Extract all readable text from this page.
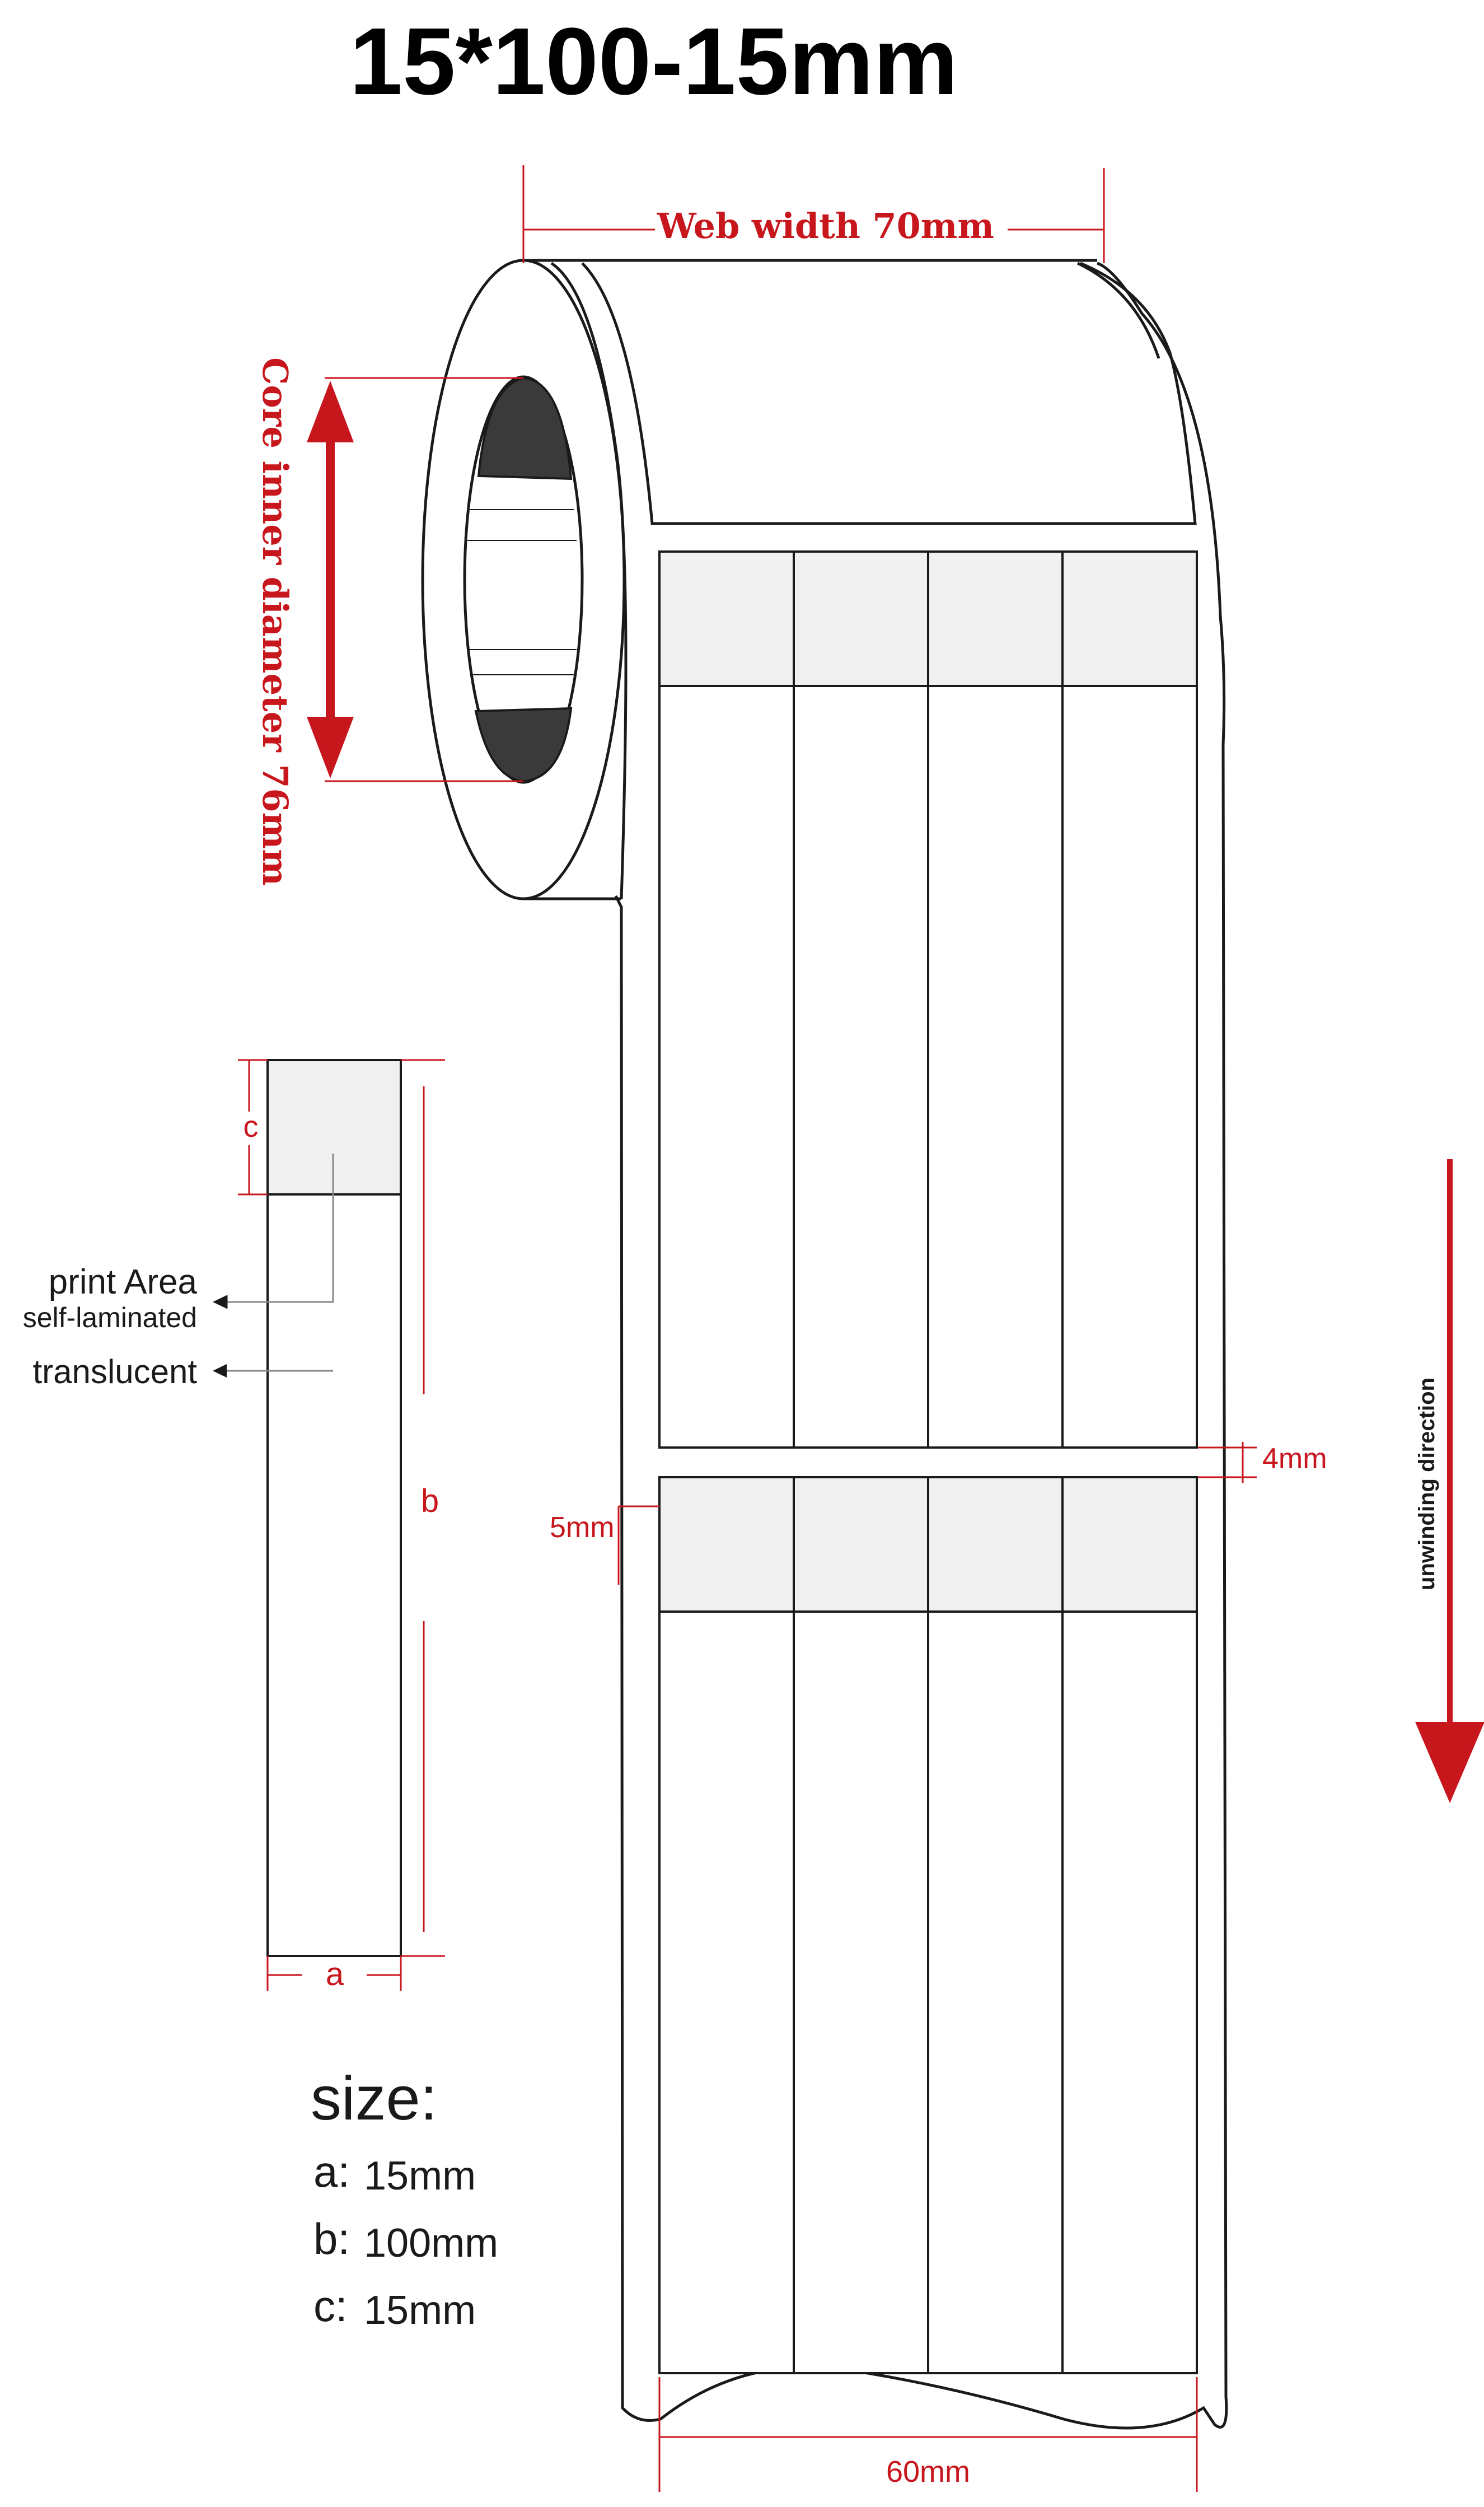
15*100-15mm
Web width 70mm
Core inner diameter 76mm
4mm
5mm
60mm
unwinding direction
c
b
a
print Area
self-laminated
translucent
size:
a: 15mm
b: 100mm
c: 15mm
